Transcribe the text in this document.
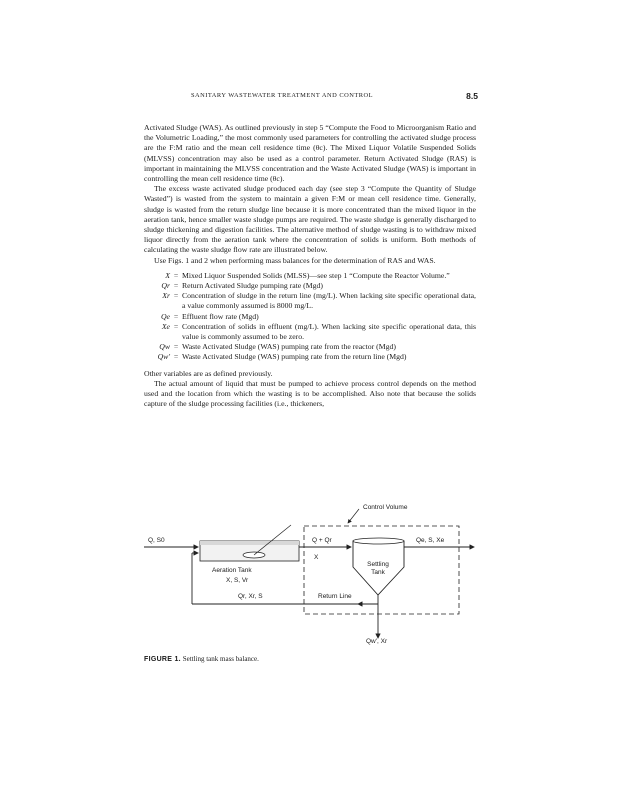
SANITARY WASTEWATER TREATMENT AND CONTROL	8.5

Activated Sludge (WAS). As outlined previously in step 5 “Compute the Food to Microorganism Ratio and the Volumetric Loading,” the most commonly used parameters for controlling the activated sludge process are the F:M ratio and the mean cell residence time (θc). The Mixed Liquor Volatile Suspended Solids (MLVSS) concentration may also be used as a control parameter. Return Activated Sludge (RAS) is important in maintaining the MLVSS concentration and the Waste Activated Sludge (WAS) is important in controlling the mean cell residence time (θc).

The excess waste activated sludge produced each day (see step 3 “Compute the Quantity of Sludge Wasted”) is wasted from the system to maintain a given F:M or mean cell residence time. Generally, sludge is wasted from the return sludge line because it is more concentrated than the mixed liquor in the aeration tank, hence smaller waste sludge pumps are required. The waste sludge is generally discharged to sludge thickening and digestion facilities. The alternative method of sludge wasting is to withdraw mixed liquor directly from the aeration tank where the concentration of solids is uniform. Both methods of calculating the waste sludge flow rate are illustrated below.

Use Figs. 1 and 2 when performing mass balances for the determination of RAS and WAS.

X = Mixed Liquor Suspended Solids (MLSS)—see step 1 “Compute the Reactor Volume.”
Qr = Return Activated Sludge pumping rate (Mgd)
Xr = Concentration of sludge in the return line (mg/L). When lacking site specific operational data, a value commonly assumed is 8000 mg/L.
Qe = Effluent flow rate (Mgd)
Xe = Concentration of solids in effluent (mg/L). When lacking site specific operational data, this value is commonly assumed to be zero.
Qw = Waste Activated Sludge (WAS) pumping rate from the reactor (Mgd)
Qw' = Waste Activated Sludge (WAS) pumping rate from the return line (Mgd)

Other variables are as defined previously.

The actual amount of liquid that must be pumped to achieve process control depends on the method used and the location from which the wasting is to be accomplished. Also note that because the solids capture of the sludge processing facilities (i.e., thickeners,

Control Volume
Q, S0
Aeration Tank
X, S, Vr
Q + Qr
X
Settling Tank
Qe, S, Xe
Qr, Xr, S	Return Line
Qw', Xr
FIGURE 1. Settling tank mass balance.
